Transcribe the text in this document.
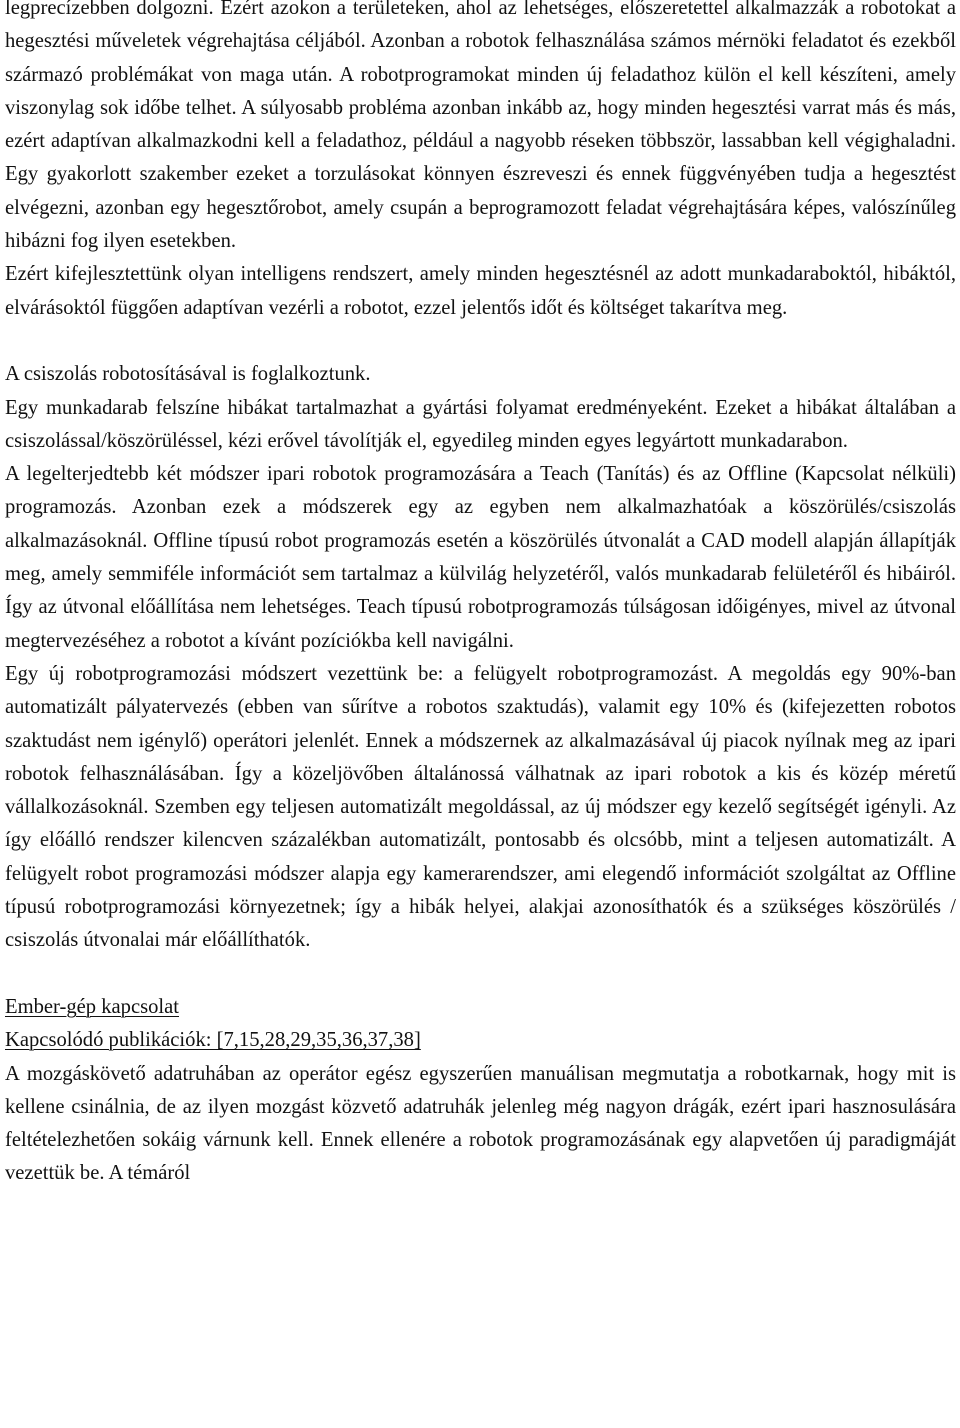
legprecízebben dolgozni. Ezért azokon a területeken, ahol az lehetséges, előszeretettel alkalmazzák a robotokat a hegesztési műveletek végrehajtása céljából. Azonban a robotok felhasználása számos mérnöki feladatot és ezekből származó problémákat von maga után. A robotprogramokat minden új feladathoz külön el kell készíteni, amely viszonylag sok időbe telhet. A súlyosabb probléma azonban inkább az, hogy minden hegesztési varrat más és más, ezért adaptívan alkalmazkodni kell a feladathoz, például a nagyobb réseken többször, lassabban kell végighaladni. Egy gyakorlott szakember ezeket a torzulásokat könnyen észreveszi és ennek függvényében tudja a hegesztést elvégezni, azonban egy hegesztőrobot, amely csupán a beprogramozott feladat végrehajtására képes, valószínűleg hibázni fog ilyen esetekben.

Ezért kifejlesztettünk olyan intelligens rendszert, amely minden hegesztésnél az adott munkadaraboktól, hibáktól, elvárásoktól függően adaptívan vezérli a robotot, ezzel jelentős időt és költséget takarítva meg.

A csiszolás robotosításával is foglalkoztunk.

Egy munkadarab felszíne hibákat tartalmazhat a gyártási folyamat eredményeként. Ezeket a hibákat általában a csiszolással/köszörüléssel, kézi erővel távolítják el, egyedileg minden egyes legyártott munkadarabon.

A legelterjedtebb két módszer ipari robotok programozására a Teach (Tanítás) és az Offline (Kapcsolat nélküli) programozás. Azonban ezek a módszerek egy az egyben nem alkalmazhatóak a köszörülés/csiszolás alkalmazásoknál. Offline típusú robot programozás esetén a köszörülés útvonalát a CAD modell alapján állapítják meg, amely semmiféle információt sem tartalmaz a külvilág helyzetéről, valós munkadarab felületéről és hibáiról. Így az útvonal előállítása nem lehetséges. Teach típusú robotprogramozás túlságosan időigényes, mivel az útvonal megtervezéséhez a robotot a kívánt pozíciókba kell navigálni.

Egy új robotprogramozási módszert vezettünk be: a felügyelt robotprogramozást. A megoldás egy 90%-ban automatizált pályatervezés (ebben van sűrítve a robotos szaktudás), valamit egy 10% és (kifejezetten robotos szaktudást nem igénylő) operátori jelenlét. Ennek a módszernek az alkalmazásával új piacok nyílnak meg az ipari robotok felhasználásában. Így a közeljövőben általánossá válhatnak az ipari robotok a kis és közép méretű vállalkozásoknál. Szemben egy teljesen automatizált megoldással, az új módszer egy kezelő segítségét igényli. Az így előálló rendszer kilencven százalékban automatizált, pontosabb és olcsóbb, mint a teljesen automatizált. A felügyelt robot programozási módszer alapja egy kamerarendszer, ami elegendő információt szolgáltat az Offline típusú robotprogramozási környezetnek; így a hibák helyei, alakjai azonosíthatók és a szükséges köszörülés / csiszolás útvonalai már előállíthatók.

Ember-gép kapcsolat

Kapcsolódó publikációk: [7,15,28,29,35,36,37,38]

A mozgáskövető adatruhában az operátor egész egyszerűen manuálisan megmutatja a robotkarnak, hogy mit is kellene csinálnia, de az ilyen mozgást közvető adatruhák jelenleg még nagyon drágák, ezért ipari hasznosulására feltételezhetően sokáig várnunk kell. Ennek ellenére a robotok programozásának egy alapvetően új paradigmáját vezettük be. A témáról
